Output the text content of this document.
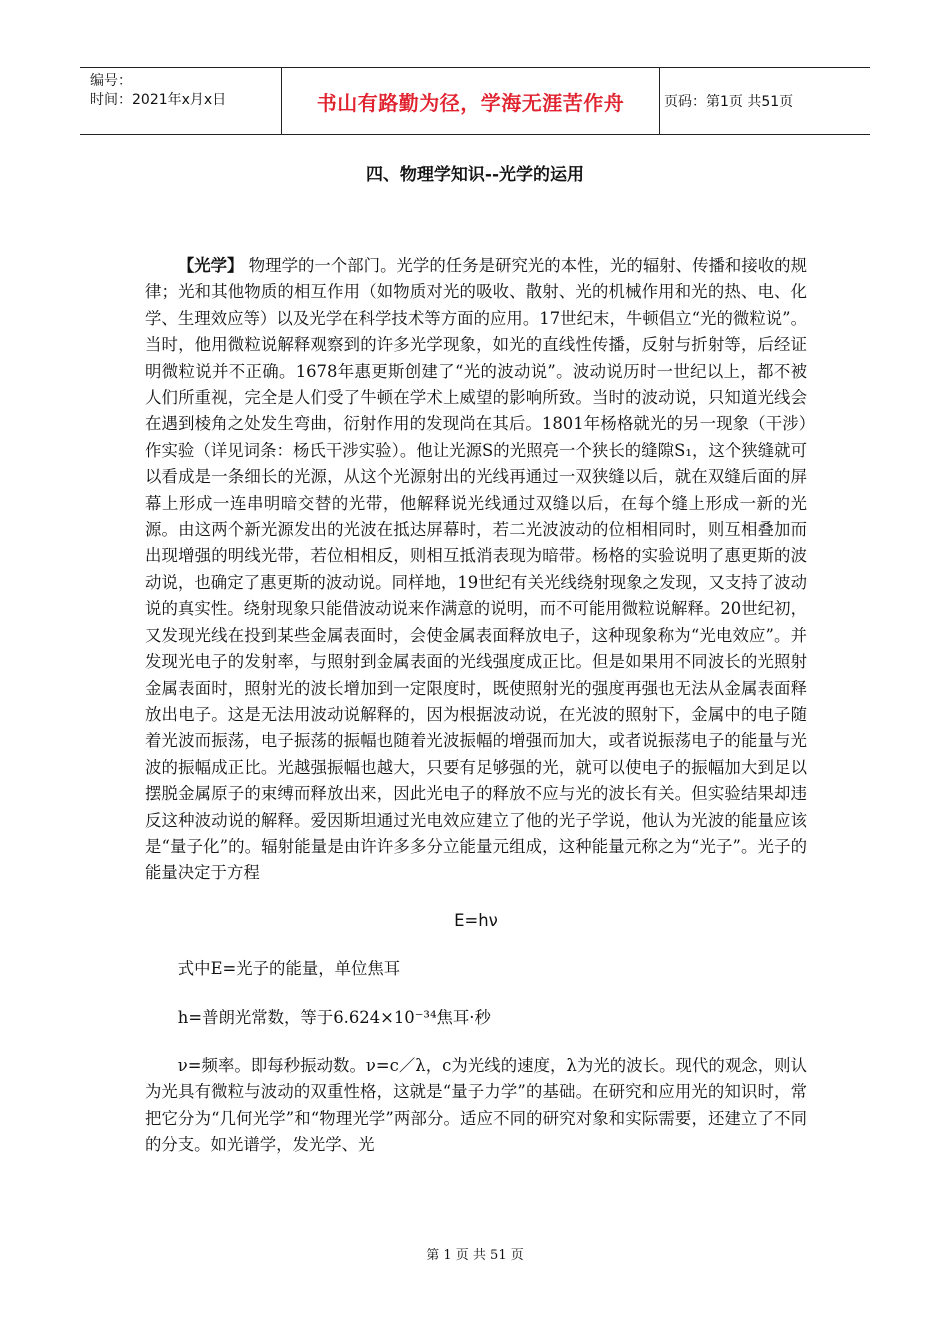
编号：
时间：2021年x月x日	书山有路勤为径，学海无涯苦作舟	页码：第1页 共51页
四、物理学知识--光学的运用

【光学】 物理学的一个部门。光学的任务是研究光的本性，光的辐射、传播和接收的规律；光和其他物质的相互作用（如物质对光的吸收、散射、光的机械作用和光的热、电、化学、生理效应等）以及光学在科学技术等方面的应用。17世纪末，牛顿倡立“光的微粒说”。当时，他用微粒说解释观察到的许多光学现象，如光的直线性传播，反射与折射等，后经证明微粒说并不正确。1678年惠更斯创建了“光的波动说”。波动说历时一世纪以上，都不被人们所重视，完全是人们受了牛顿在学术上威望的影响所致。当时的波动说，只知道光线会在遇到棱角之处发生弯曲，衍射作用的发现尚在其后。1801年杨格就光的另一现象（干涉）作实验（详见词条：杨氏干涉实验）。他让光源S的光照亮一个狭长的缝隙S₁，这个狭缝就可以看成是一条细长的光源，从这个光源射出的光线再通过一双狭缝以后，就在双缝后面的屏幕上形成一连串明暗交替的光带，他解释说光线通过双缝以后，在每个缝上形成一新的光源。由这两个新光源发出的光波在抵达屏幕时，若二光波波动的位相相同时，则互相叠加而出现增强的明线光带，若位相相反，则相互抵消表现为暗带。杨格的实验说明了惠更斯的波动说，也确定了惠更斯的波动说。同样地，19世纪有关光线绕射现象之发现，又支持了波动说的真实性。绕射现象只能借波动说来作满意的说明，而不可能用微粒说解释。20世纪初，又发现光线在投到某些金属表面时，会使金属表面释放电子，这种现象称为“光电效应”。并发现光电子的发射率，与照射到金属表面的光线强度成正比。但是如果用不同波长的光照射金属表面时，照射光的波长增加到一定限度时，既使照射光的强度再强也无法从金属表面释放出电子。这是无法用波动说解释的，因为根据波动说，在光波的照射下，金属中的电子随着光波而振荡，电子振荡的振幅也随着光波振幅的增强而加大，或者说振荡电子的能量与光波的振幅成正比。光越强振幅也越大，只要有足够强的光，就可以使电子的振幅加大到足以摆脱金属原子的束缚而释放出来，因此光电子的释放不应与光的波长有关。但实验结果却违反这种波动说的解释。爱因斯坦通过光电效应建立了他的光子学说，他认为光波的能量应该是“量子化”的。辐射能量是由许许多多分立能量元组成，这种能量元称之为“光子”。光子的能量决定于方程

E=hν

式中E=光子的能量，单位焦耳

h=普朗光常数，等于6.624×10⁻³⁴焦耳·秒

ν=频率。即每秒振动数。ν=c／λ，c为光线的速度，λ为光的波长。现代的观念，则认为光具有微粒与波动的双重性格，这就是“量子力学”的基础。在研究和应用光的知识时，常把它分为“几何光学”和“物理光学”两部分。适应不同的研究对象和实际需要，还建立了不同的分支。如光谱学，发光学、光

第 1 页 共 51 页
